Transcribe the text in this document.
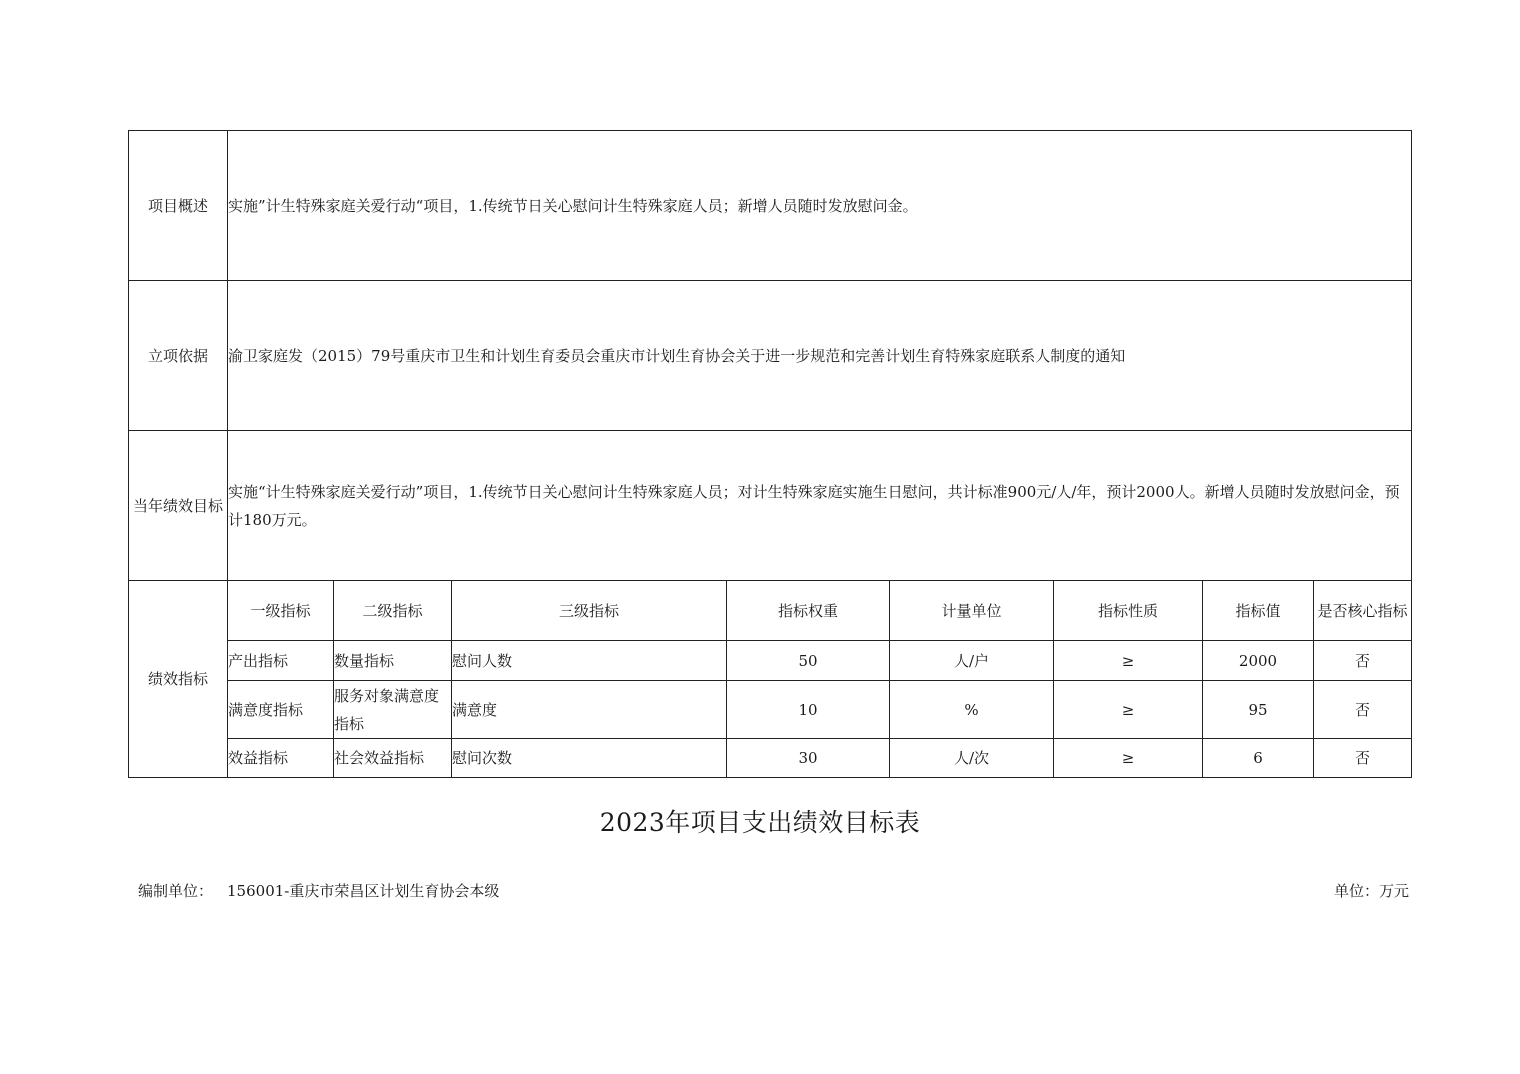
项目概述	实施”计生特殊家庭关爱行动“项目，1.传统节日关心慰问计生特殊家庭人员；新增人员随时发放慰问金。							
立项依据	渝卫家庭发（2015）79号重庆市卫生和计划生育委员会重庆市计划生育协会关于进一步规范和完善计划生育特殊家庭联系人制度的通知							
当年绩效目标	实施“计生特殊家庭关爱行动”项目，1.传统节日关心慰问计生特殊家庭人员；对计生特殊家庭实施生日慰问，共计标准900元/人/年，预计2000人。新增人员随时发放慰问金，预计180万元。							
绩效指标	一级指标	二级指标	三级指标	指标权重	计量单位	指标性质	指标值	是否核心指标
	产出指标	数量指标	慰问人数	50	人/户	≥	2000	否
	满意度指标	服务对象满意度指标	满意度	10	%	≥	95	否
	效益指标	社会效益指标	慰问次数	30	人/次	≥	6	否
2023年项目支出绩效目标表
编制单位： 156001-重庆市荣昌区计划生育协会本级	单位：万元
